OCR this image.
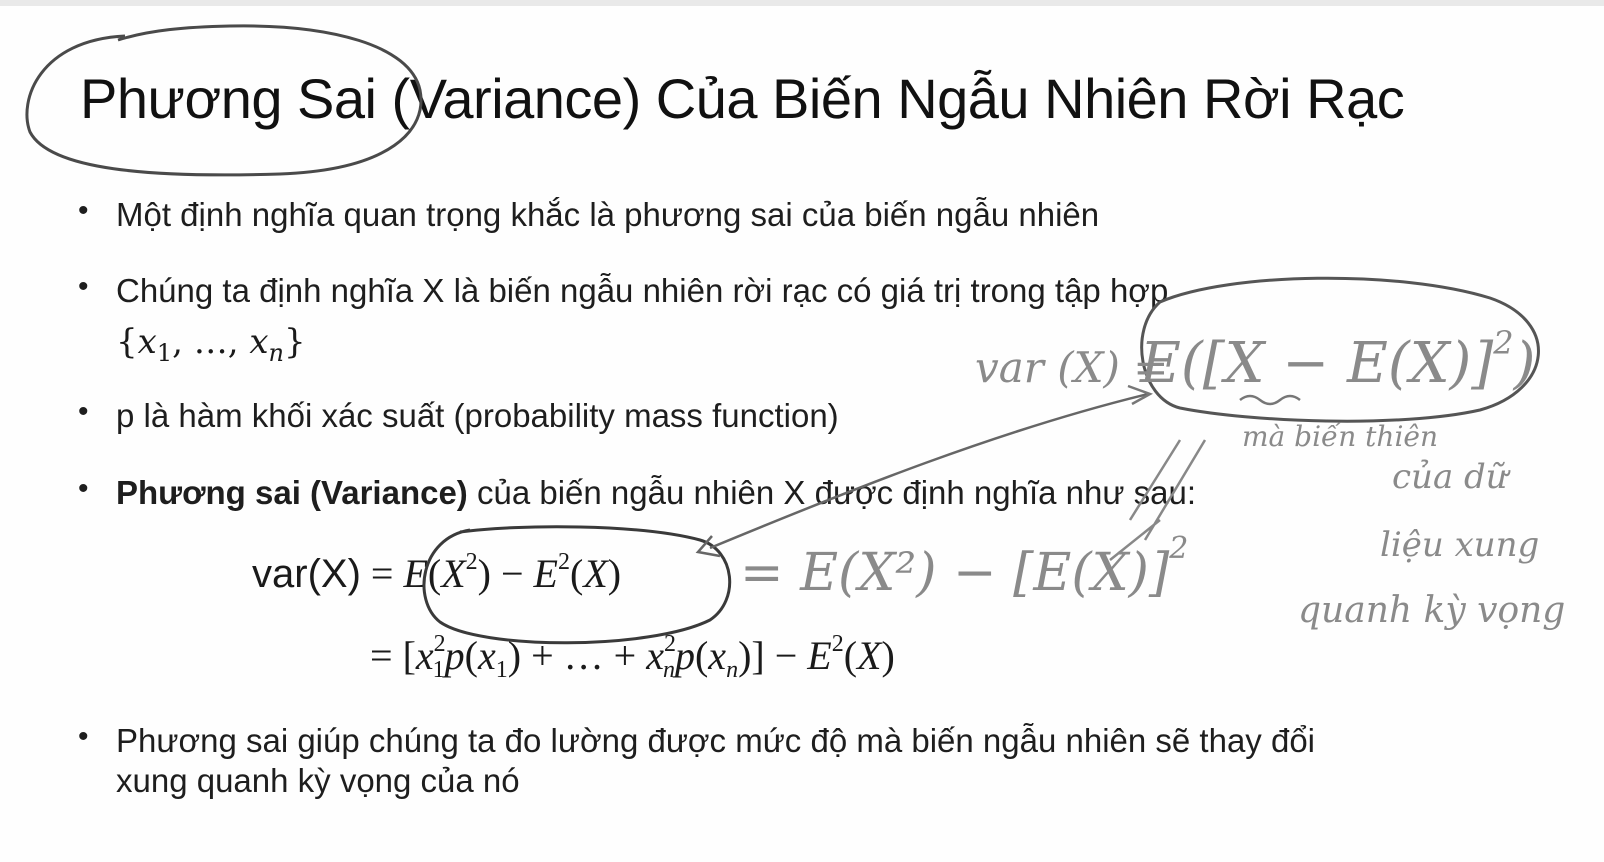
Phương Sai (Variance) Của Biến Ngẫu Nhiên Rời Rạc
• Một định nghĩa quan trọng khắc là phương sai của biến ngẫu nhiên
• Chúng ta định nghĩa X là biến ngẫu nhiên rời rạc có giá trị trong tập hợp
{$x_1$, …, $x_n$}
• p là hàm khối xác suất (probability mass function)
• Phương sai (Variance) của biến ngẫu nhiên X được định nghĩa như sau:
$var(X) = E(X^2) - E^2(X)$
= [$x^2_1p(x_1)$ + … + $x^2_np(x_n)] - E^2(X)$
• Phương sai giúp chúng ta đo lường được mức độ mà biến ngẫu nhiên sẽ thay đổi
xung quanh kỳ vọng của nó
var (X) =
$E([X - E(X)]^2)$
= $E(X^2) - [E(X)]^2$
mà biến thiên
của dữ
liệu xung
quanh kỳ vọng
